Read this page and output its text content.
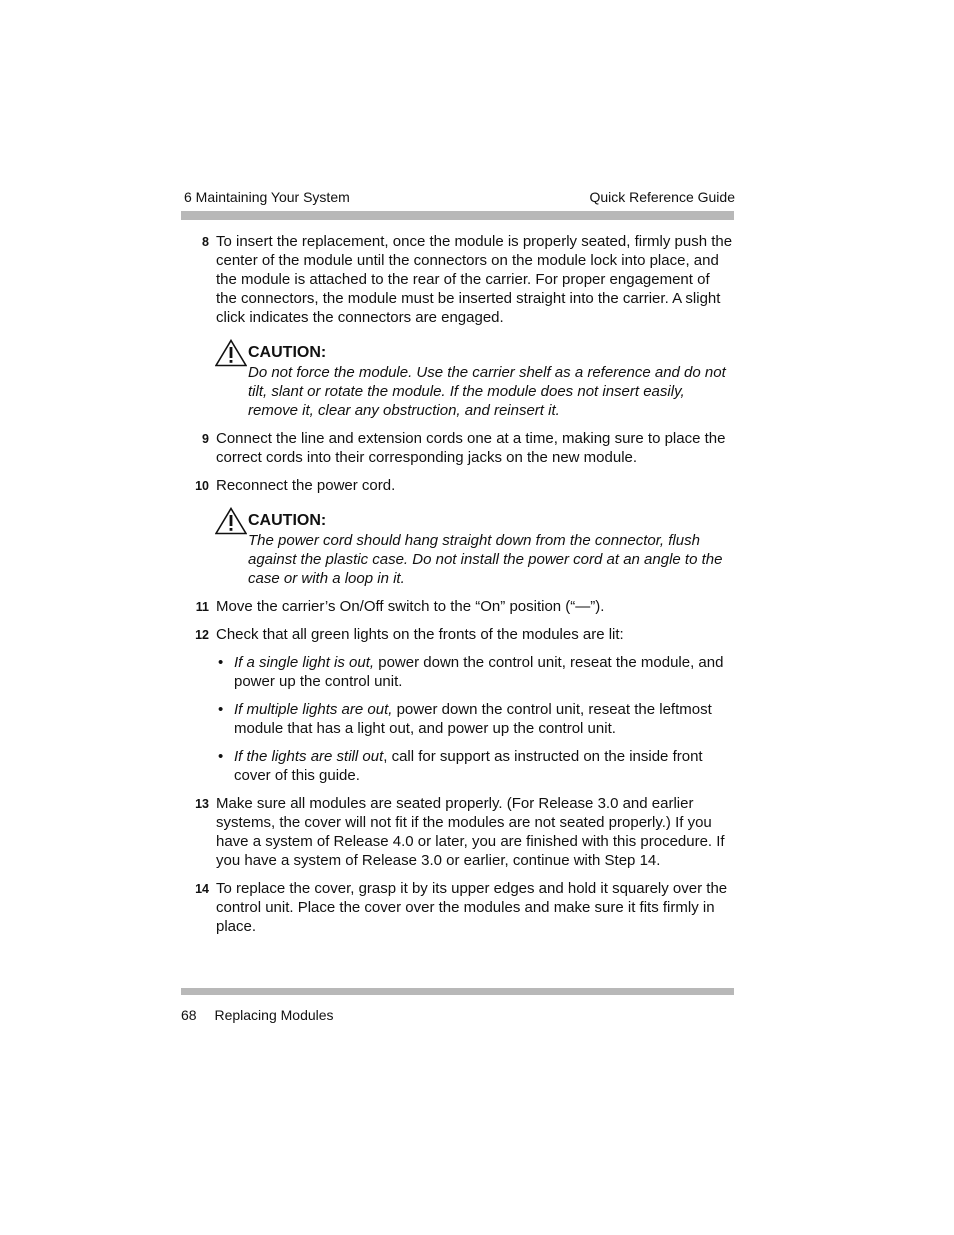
6 Maintaining Your System	Quick Reference Guide
8 To insert the replacement, once the module is properly seated, firmly push the center of the module until the connectors on the module lock into place, and the module is attached to the rear of the carrier. For proper engagement of the connectors, the module must be inserted straight into the carrier. A slight click indicates the connectors are engaged.
CAUTION:
Do not force the module. Use the carrier shelf as a reference and do not tilt, slant or rotate the module. If the module does not insert easily, remove it, clear any obstruction, and reinsert it.
9 Connect the line and extension cords one at a time, making sure to place the correct cords into their corresponding jacks on the new module.
10 Reconnect the power cord.
CAUTION:
The power cord should hang straight down from the connector, flush against the plastic case. Do not install the power cord at an angle to the case or with a loop in it.
11 Move the carrier’s On/Off switch to the “On” position (“—”).
12 Check that all green lights on the fronts of the modules are lit:
• If a single light is out, power down the control unit, reseat the module, and power up the control unit.
• If multiple lights are out, power down the control unit, reseat the leftmost module that has a light out, and power up the control unit.
• If the lights are still out, call for support as instructed on the inside front cover of this guide.
13 Make sure all modules are seated properly. (For Release 3.0 and earlier systems, the cover will not fit if the modules are not seated properly.) If you have a system of Release 4.0 or later, you are finished with this procedure. If you have a system of Release 3.0 or earlier, continue with Step 14.
14 To replace the cover, grasp it by its upper edges and hold it squarely over the control unit. Place the cover over the modules and make sure it fits firmly in place.
68 Replacing Modules
